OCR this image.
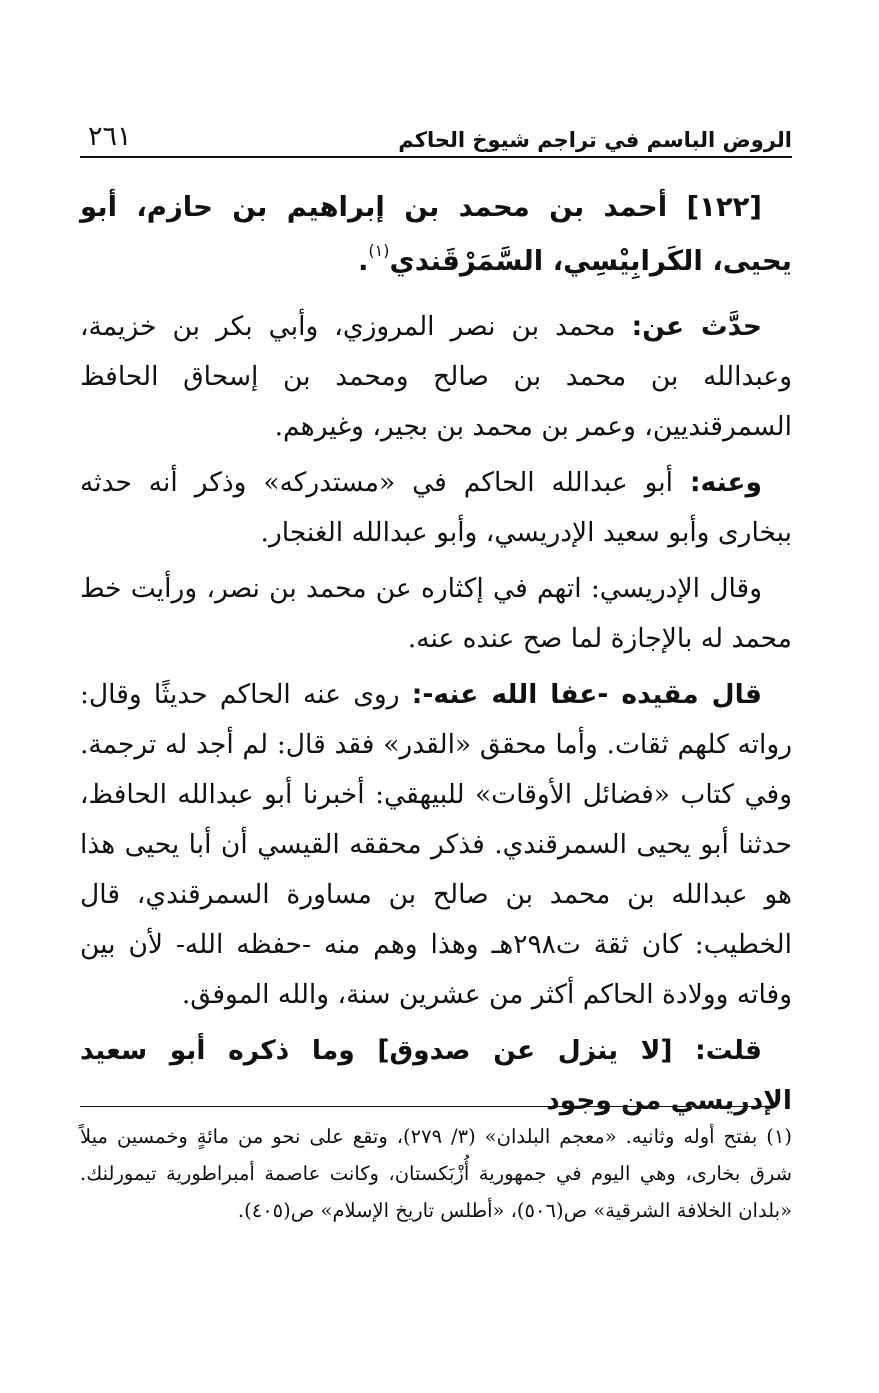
الروض الباسم في تراجم شيوخ الحاكم
٢٦١
[١٢٢] أحمد بن محمد بن إبراهيم بن حازم، أبو يحيى، الكَرابِيْسِي، السَّمَرْقَندي$^{(١)}$.

حدَّث عن: محمد بن نصر المروزي، وأبي بكر بن خزيمة، وعبدالله بن محمد بن صالح ومحمد بن إسحاق الحافظ السمرقنديين، وعمر بن محمد بن بجير، وغيرهم.

وعنه: أبو عبدالله الحاكم في «مستدركه» وذكر أنه حدثه ببخارى وأبو سعيد الإدريسي، وأبو عبدالله الغنجار.

وقال الإدريسي: اتهم في إكثاره عن محمد بن نصر، ورأيت خط محمد له بالإجازة لما صح عنده عنه.

قال مقيده -عفا الله عنه-: روى عنه الحاكم حديثًا وقال: رواته كلهم ثقات. وأما محقق «القدر» فقد قال: لم أجد له ترجمة. وفي كتاب «فضائل الأوقات» للبيهقي: أخبرنا أبو عبدالله الحافظ، حدثنا أبو يحيى السمرقندي. فذكر محققه القيسي أن أبا يحيى هذا هو عبدالله بن محمد بن صالح بن مساورة السمرقندي، قال الخطيب: كان ثقة ت٢٩٨هـ وهذا وهم منه -حفظه الله- لأن بين وفاته وولادة الحاكم أكثر من عشرين سنة، والله الموفق.

قلت: [لا ينزل عن صدوق] وما ذكره أبو سعيد الإدريسي من وجود

(١) بفتح أوله وثانيه. «معجم البلدان» (٣/ ٢٧٩)، وتقع على نحو من مائةٍ وخمسين ميلاً شرق بخارى، وهي اليوم في جمهورية أُزْبَكستان، وكانت عاصمة أمبراطورية تيمورلنك. «بلدان الخلافة الشرقية» ص(٥٠٦)، «أطلس تاريخ الإسلام» ص(٤٠٥).
